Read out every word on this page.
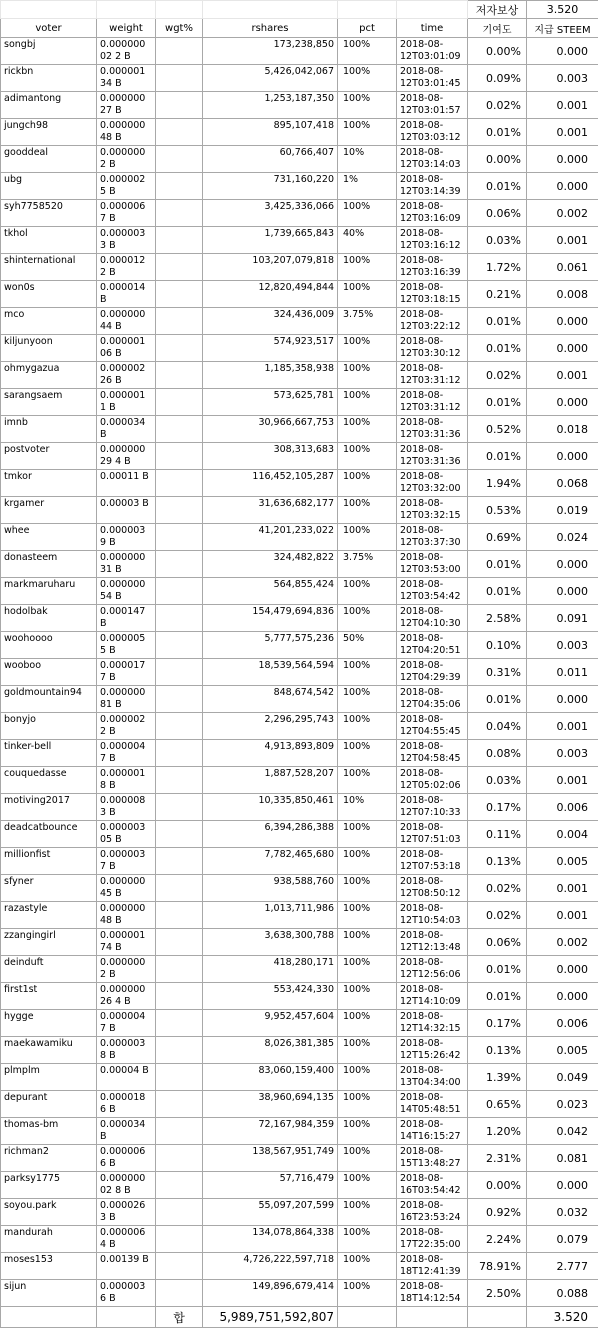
						저자보상	3.520
voter	weight	wgt%	rshares	pct	time	기여도	지급 STEEM
songbj	0.00000002 2 B		173,238,850	100%	2018-08-12T03:01:09	0.00%	0.000
rickbn	0.00000134 B		5,426,042,067	100%	2018-08-12T03:01:45	0.09%	0.003
adimantong	0.00000027 B		1,253,187,350	100%	2018-08-12T03:01:57	0.02%	0.001
jungch98	0.00000048 B		895,107,418	100%	2018-08-12T03:03:12	0.01%	0.001
gooddeal	0.0000002 B		60,766,407	10%	2018-08-12T03:14:03	0.00%	0.000
ubg	0.0000025 B		731,160,220	1%	2018-08-12T03:14:39	0.01%	0.000
syh7758520	0.0000067 B		3,425,336,066	100%	2018-08-12T03:16:09	0.06%	0.002
tkhol	0.0000033 B		1,739,665,843	40%	2018-08-12T03:16:12	0.03%	0.001
shinternational	0.0000122 B		103,207,079,818	100%	2018-08-12T03:16:39	1.72%	0.061
won0s	0.000014 B		12,820,494,844	100%	2018-08-12T03:18:15	0.21%	0.008
mco	0.00000044 B		324,436,009	3.75%	2018-08-12T03:22:12	0.01%	0.000
kiljunyoon	0.00000106 B		574,923,517	100%	2018-08-12T03:30:12	0.01%	0.000
ohmygazua	0.00000226 B		1,185,358,938	100%	2018-08-12T03:31:12	0.02%	0.001
sarangsaem	0.0000011 B		573,625,781	100%	2018-08-12T03:31:12	0.01%	0.000
imnb	0.000034 B		30,966,667,753	100%	2018-08-12T03:31:36	0.52%	0.018
postvoter	0.00000029 4 B		308,313,683	100%	2018-08-12T03:31:36	0.01%	0.000
tmkor	0.00011 B		116,452,105,287	100%	2018-08-12T03:32:00	1.94%	0.068
krgamer	0.00003 B		31,636,682,177	100%	2018-08-12T03:32:15	0.53%	0.019
whee	0.0000039 B		41,201,233,022	100%	2018-08-12T03:37:30	0.69%	0.024
donasteem	0.00000031 B		324,482,822	3.75%	2018-08-12T03:53:00	0.01%	0.000
markmaruharu	0.00000054 B		564,855,424	100%	2018-08-12T03:54:42	0.01%	0.000
hodolbak	0.000147 B		154,479,694,836	100%	2018-08-12T04:10:30	2.58%	0.091
woohoooo	0.0000055 B		5,777,575,236	50%	2018-08-12T04:20:51	0.10%	0.003
wooboo	0.0000177 B		18,539,564,594	100%	2018-08-12T04:29:39	0.31%	0.011
goldmountain94	0.00000081 B		848,674,542	100%	2018-08-12T04:35:06	0.01%	0.000
bonyjo	0.0000022 B		2,296,295,743	100%	2018-08-12T04:55:45	0.04%	0.001
tinker-bell	0.0000047 B		4,913,893,809	100%	2018-08-12T04:58:45	0.08%	0.003
couquedasse	0.0000018 B		1,887,528,207	100%	2018-08-12T05:02:06	0.03%	0.001
motiving2017	0.0000083 B		10,335,850,461	10%	2018-08-12T07:10:33	0.17%	0.006
deadcatbounce	0.00000305 B		6,394,286,388	100%	2018-08-12T07:51:03	0.11%	0.004
millionfist	0.0000037 B		7,782,465,680	100%	2018-08-12T07:53:18	0.13%	0.005
sfyner	0.00000045 B		938,588,760	100%	2018-08-12T08:50:12	0.02%	0.001
razastyle	0.00000048 B		1,013,711,986	100%	2018-08-12T10:54:03	0.02%	0.001
zzangingirl	0.00000174 B		3,638,300,788	100%	2018-08-12T12:13:48	0.06%	0.002
deinduft	0.0000002 B		418,280,171	100%	2018-08-12T12:56:06	0.01%	0.000
first1st	0.00000026 4 B		553,424,330	100%	2018-08-12T14:10:09	0.01%	0.000
hygge	0.0000047 B		9,952,457,604	100%	2018-08-12T14:32:15	0.17%	0.006
maekawamiku	0.0000038 B		8,026,381,385	100%	2018-08-12T15:26:42	0.13%	0.005
plmplm	0.00004 B		83,060,159,400	100%	2018-08-13T04:34:00	1.39%	0.049
depurant	0.0000186 B		38,960,694,135	100%	2018-08-14T05:48:51	0.65%	0.023
thomas-bm	0.000034 B		72,167,984,359	100%	2018-08-14T16:15:27	1.20%	0.042
richman2	0.0000066 B		138,567,951,749	100%	2018-08-15T13:48:27	2.31%	0.081
parksy1775	0.00000002 8 B		57,716,479	100%	2018-08-16T03:54:42	0.00%	0.000
soyou.park	0.0000263 B		55,097,207,599	100%	2018-08-16T23:53:24	0.92%	0.032
mandurah	0.0000064 B		134,078,864,338	100%	2018-08-17T22:35:00	2.24%	0.079
moses153	0.00139 B		4,726,222,597,718	100%	2018-08-18T12:41:39	78.91%	2.777
sijun	0.0000036 B		149,896,679,414	100%	2018-08-18T14:12:54	2.50%	0.088
		합	5,989,751,592,807				3.520
